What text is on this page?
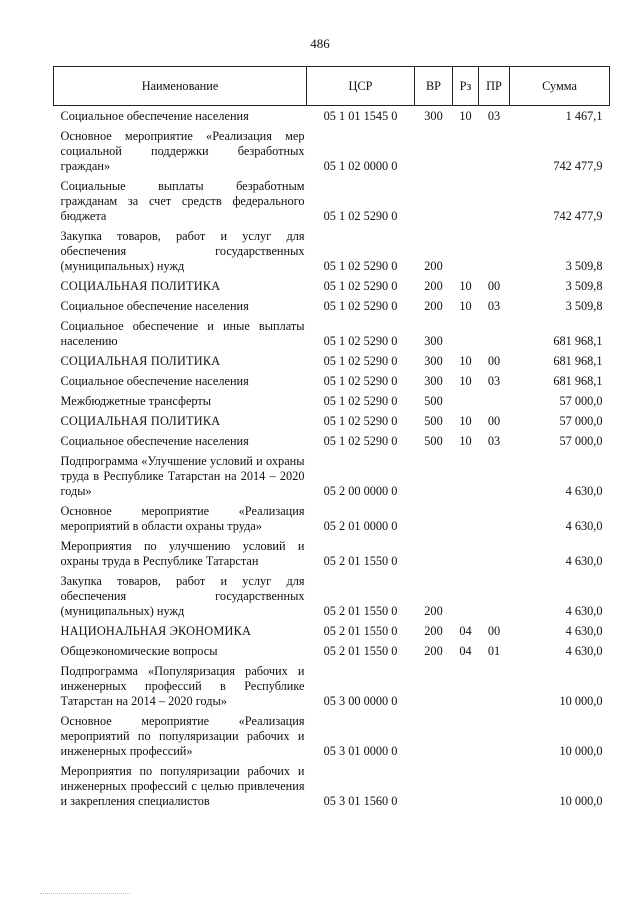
486
Наименование	ЦСР	ВР	Рз	ПР	Сумма
Социальное обеспечение населения	05 1 01 1545 0	300	10	03	1 467,1
Основное мероприятие «Реализация мер социальной поддержки безработных граждан»	05 1 02 0000 0				742 477,9
Социальные выплаты безработным гражданам за счет средств федерального бюджета	05 1 02 5290 0				742 477,9
Закупка товаров, работ и услуг для обеспечения государственных (муниципальных) нужд	05 1 02 5290 0	200			3 509,8
СОЦИАЛЬНАЯ ПОЛИТИКА	05 1 02 5290 0	200	10	00	3 509,8
Социальное обеспечение населения	05 1 02 5290 0	200	10	03	3 509,8
Социальное обеспечение и иные выплаты населению	05 1 02 5290 0	300			681 968,1
СОЦИАЛЬНАЯ ПОЛИТИКА	05 1 02 5290 0	300	10	00	681 968,1
Социальное обеспечение населения	05 1 02 5290 0	300	10	03	681 968,1
Межбюджетные трансферты	05 1 02 5290 0	500			57 000,0
СОЦИАЛЬНАЯ ПОЛИТИКА	05 1 02 5290 0	500	10	00	57 000,0
Социальное обеспечение населения	05 1 02 5290 0	500	10	03	57 000,0
Подпрограмма «Улучшение условий и охраны труда в Республике Татарстан на 2014 – 2020 годы»	05 2 00 0000 0				4 630,0
Основное мероприятие «Реализация мероприятий в области охраны труда»	05 2 01 0000 0				4 630,0
Мероприятия по улучшению условий и охраны труда в Республике Татарстан	05 2 01 1550 0				4 630,0
Закупка товаров, работ и услуг для обеспечения государственных (муниципальных) нужд	05 2 01 1550 0	200			4 630,0
НАЦИОНАЛЬНАЯ ЭКОНОМИКА	05 2 01 1550 0	200	04	00	4 630,0
Общеэкономические вопросы	05 2 01 1550 0	200	04	01	4 630,0
Подпрограмма «Популяризация рабочих и инженерных профессий в Республике Татарстан на 2014 – 2020 годы»	05 3 00 0000 0				10 000,0
Основное мероприятие «Реализация мероприятий по популяризации рабочих и инженерных профессий»	05 3 01 0000 0				10 000,0
Мероприятия по популяризации рабочих и инженерных профессий с целью привлечения и закрепления специалистов	05 3 01 1560 0				10 000,0
